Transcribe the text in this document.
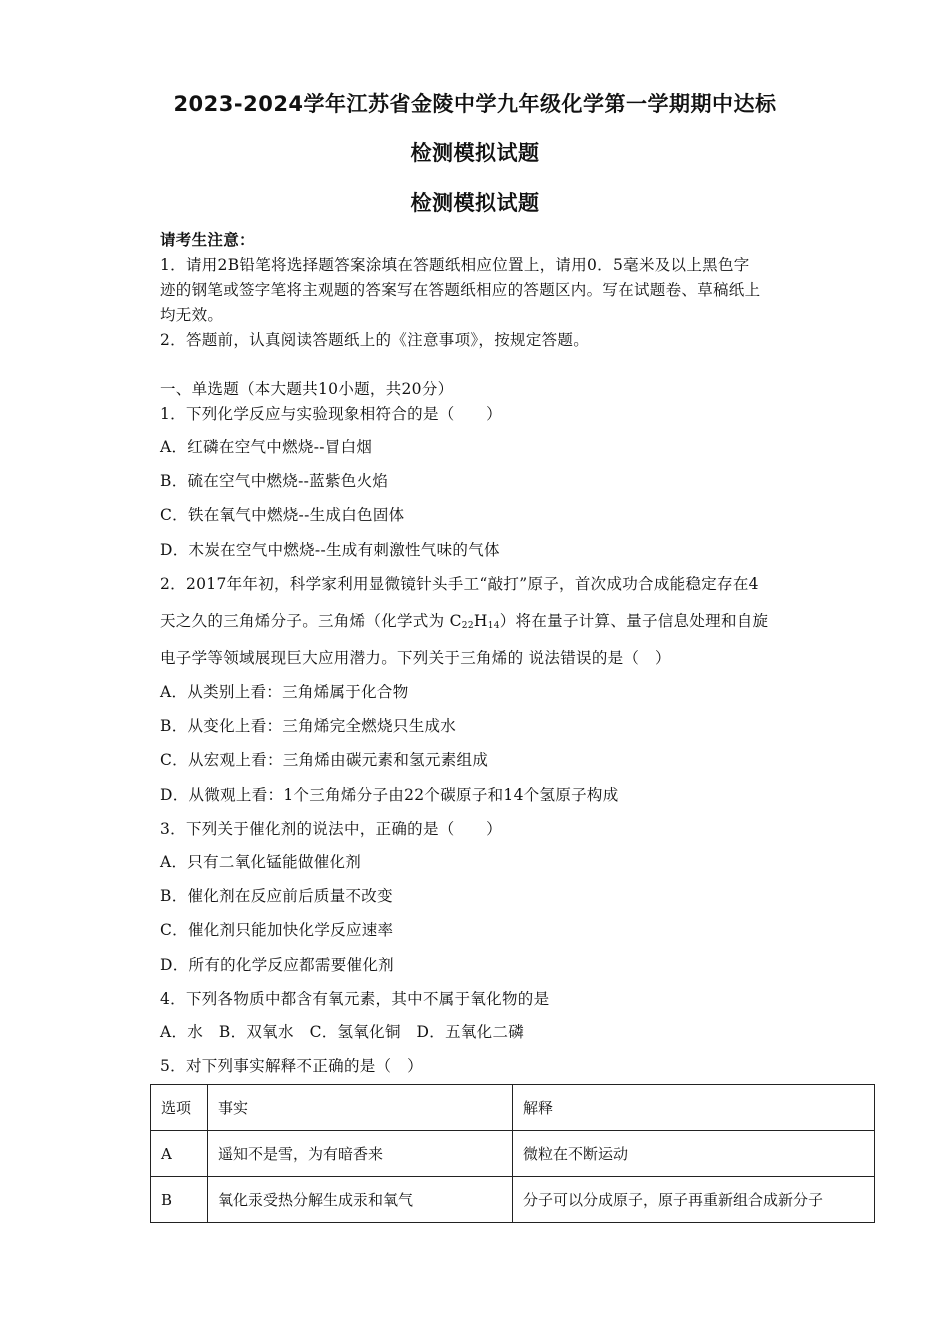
2023-2024学年江苏省金陵中学九年级化学第一学期期中达标
检测模拟试题
检测模拟试题
请考生注意：
1．请用2B铅笔将选择题答案涂填在答题纸相应位置上，请用0．5毫米及以上黑色字
迹的钢笔或签字笔将主观题的答案写在答题纸相应的答题区内。写在试题卷、草稿纸上
均无效。
2．答题前，认真阅读答题纸上的《注意事项》，按规定答题。
一、单选题（本大题共10小题，共20分）
1．下列化学反应与实验现象相符合的是（　　）
A．红磷在空气中燃烧--冒白烟
B．硫在空气中燃烧--蓝紫色火焰
C．铁在氧气中燃烧--生成白色固体
D．木炭在空气中燃烧--生成有刺激性气味的气体
2．2017年年初，科学家利用显微镜针头手工“敲打”原子，首次成功合成能稳定存在4
天之久的三角烯分子。三角烯（化学式为 $C_{22}H_{14}$）将在量子计算、量子信息处理和自旋
电子学等领域展现巨大应用潜力。下列关于三角烯的 说法错误的是（　）
A．从类别上看：三角烯属于化合物
B．从变化上看：三角烯完全燃烧只生成水
C．从宏观上看：三角烯由碳元素和氢元素组成
D．从微观上看：1个三角烯分子由22个碳原子和14个氢原子构成
3．下列关于催化剂的说法中，正确的是（　　）
A．只有二氧化锰能做催化剂
B．催化剂在反应前后质量不改变
C．催化剂只能加快化学反应速率
D．所有的化学反应都需要催化剂
4．下列各物质中都含有氧元素，其中不属于氧化物的是
A．水　B．双氧水　C．氢氧化铜　D．五氧化二磷
5．对下列事实解释不正确的是（　）
选项	事实	解释
A	遥知不是雪，为有暗香来	微粒在不断运动
B	氧化汞受热分解生成汞和氧气	分子可以分成原子，原子再重新组合成新分子
